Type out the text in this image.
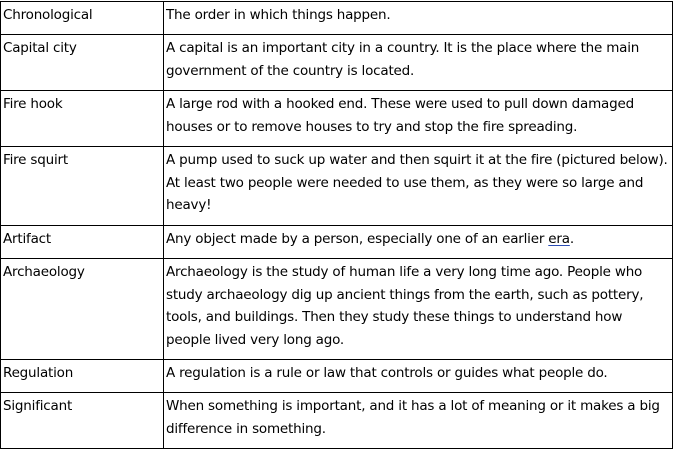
Chronological	The order in which things happen.
Capital city	A capital is an important city in a country. It is the place where the main government of the country is located.
Fire hook	A large rod with a hooked end. These were used to pull down damaged houses or to remove houses to try and stop the fire spreading.
Fire squirt	A pump used to suck up water and then squirt it at the fire (pictured below). At least two people were needed to use them, as they were so large and heavy!
Artifact	Any object made by a person, especially one of an earlier era.
Archaeology	Archaeology is the study of human life a very long time ago. People who study archaeology dig up ancient things from the earth, such as pottery, tools, and buildings. Then they study these things to understand how people lived very long ago.
Regulation	A regulation is a rule or law that controls or guides what people do.
Significant	When something is important, and it has a lot of meaning or it makes a big difference in something.
